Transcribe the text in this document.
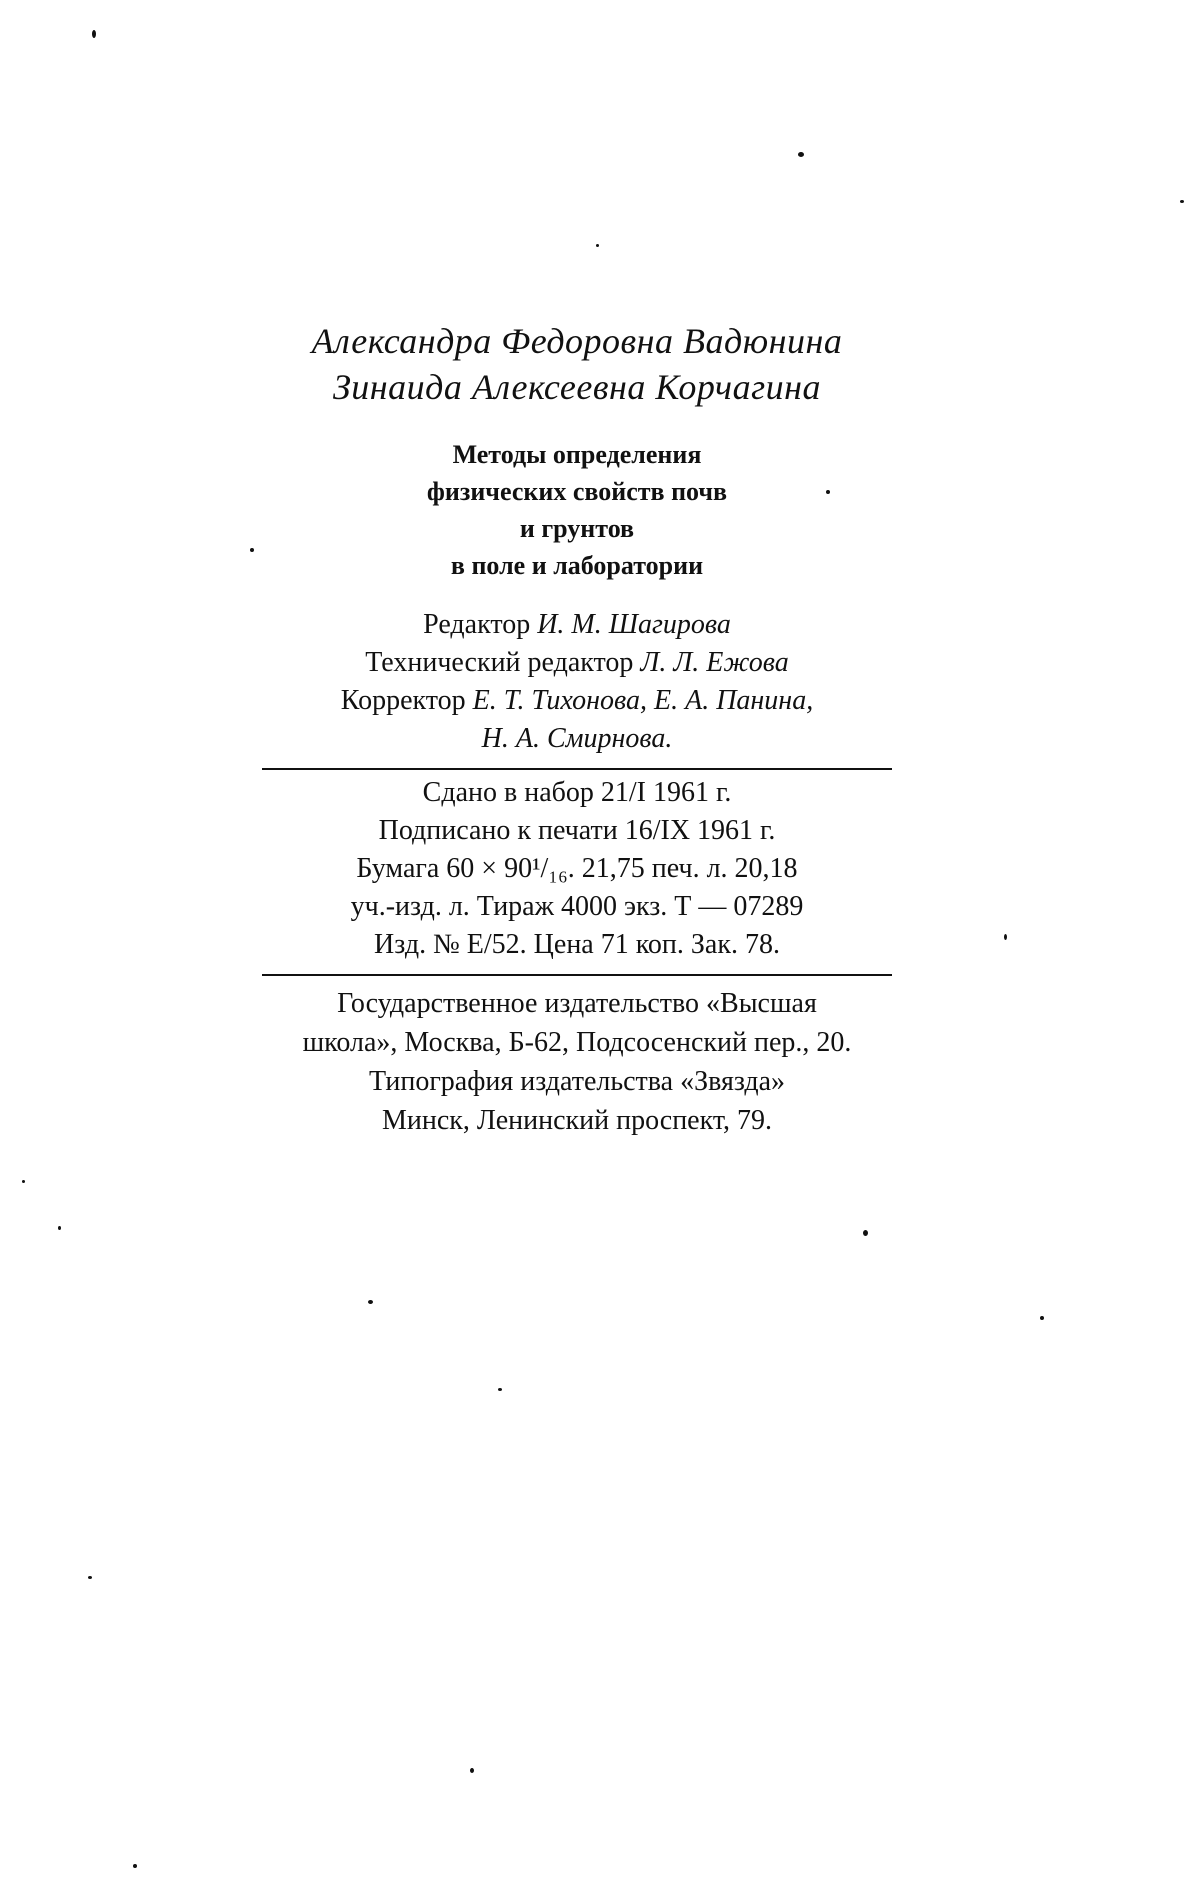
Александра Федоровна Вадюнина
Зинаида Алексеевна Корчагина
Методы определения
физических свойств почв
и грунтов
в поле и лаборатории
Редактор И. М. Шагирова
Технический редактор Л. Л. Ежова
Корректор Е. Т. Тихонова, Е. А. Панина,
Н. А. Смирнова.
Сдано в набор 21/I 1961 г.
Подписано к печати 16/IX 1961 г.
Бумага 60 × 90¹/₁₆. 21,75 печ. л. 20,18
уч.-изд. л. Тираж 4000 экз. Т — 07289
Изд. № Е/52. Цена 71 коп. Зак. 78.
Государственное издательство «Высшая
школа», Москва, Б-62, Подсосенский пер., 20.
Типография издательства «Звязда»
Минск, Ленинский проспект, 79.
